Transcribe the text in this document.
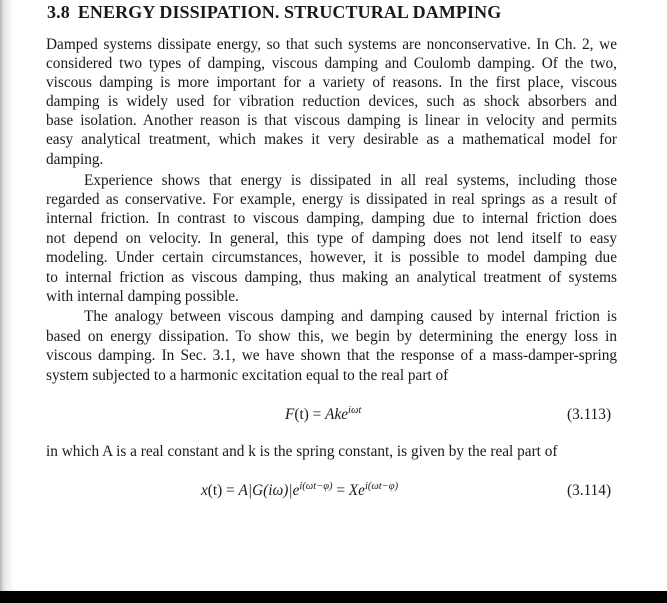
3.8 ENERGY DISSIPATION. STRUCTURAL DAMPING
Damped systems dissipate energy, so that such systems are nonconservative. In Ch. 2, we
considered two types of damping, viscous damping and Coulomb damping. Of the two,
viscous damping is more important for a variety of reasons. In the first place, viscous
damping is widely used for vibration reduction devices, such as shock absorbers and
base isolation. Another reason is that viscous damping is linear in velocity and permits
easy analytical treatment, which makes it very desirable as a mathematical model for
damping.
Experience shows that energy is dissipated in all real systems, including those
regarded as conservative. For example, energy is dissipated in real springs as a result of
internal friction. In contrast to viscous damping, damping due to internal friction does
not depend on velocity. In general, this type of damping does not lend itself to easy
modeling. Under certain circumstances, however, it is possible to model damping due
to internal friction as viscous damping, thus making an analytical treatment of systems
with internal damping possible.
The analogy between viscous damping and damping caused by internal friction is
based on energy dissipation. To show this, we begin by determining the energy loss in
viscous damping. In Sec. 3.1, we have shown that the response of a mass-damper-spring
system subjected to a harmonic excitation equal to the real part of
F(t) = Ake$^{i\omega t}$	(3.113)
in which A is a real constant and k is the spring constant, is given by the real part of
$x(t) = A|G(i\omega)|e^{i(\omega t-\varphi)} = Xe^{i(\omega t-\varphi)}$	(3.114)
